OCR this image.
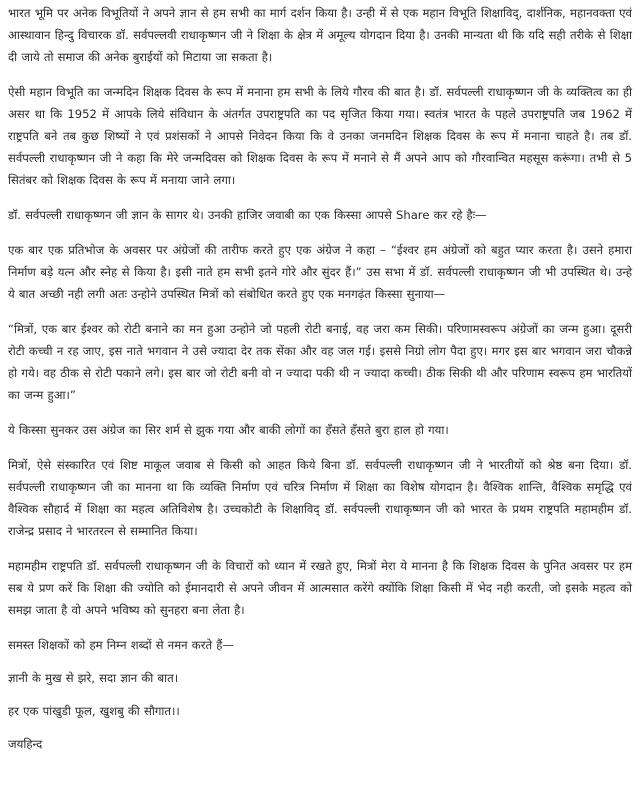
भारत भूमि पर अनेक विभूतियों ने अपने ज्ञान से हम सभी का मार्ग दर्शन किया है। उन्ही में से एक महान विभूति शिक्षाविद्, दार्शनिक, महानवक्ता एवं आस्थावान हिन्दु विचारक डॉ. सर्वपल्लवी राधाकृष्णन जी ने शिक्षा के क्षेत्र में अमूल्य योगदान दिया है। उनकी मान्यता थी कि यदि सही तरीके से शिक्षा दी जाये तो समाज की अनेक बुराईयों को मिटाया जा सकता है।

ऐसी महान विभूति का जन्मदिन शिक्षक दिवस के रूप में मनाना हम सभी के लिये गौरव की बात है। डॉ. सर्वपल्ली राधाकृष्णन जी के व्यक्तित्व का ही असर था कि 1952 में आपके लिये संविधान के अंतर्गत उपराष्ट्रपति का पद सृजित किया गया। स्वतंत्र भारत के पहले उपराष्ट्रपति जब 1962 में राष्ट्रपति बने तब कुछ शिष्यों ने एवं प्रशंसकों ने आपसे निवेदन किया कि वे उनका जनमदिन शिक्षक दिवस के रूप में मनाना चाहते है। तब डॉ. सर्वपल्ली राधाकृष्णन जी ने कहा कि मेरे जन्मदिवस को शिक्षक दिवस के रूप में मनाने से मैं अपने आप को गौरवान्वित महसूस करूंगा। तभी से 5 सितंबर को शिक्षक दिवस के रूप में मनाया जाने लगा।

डॉ. सर्वपल्ली राधाकृष्णन जी ज्ञान के सागर थे। उनकी हाजिर जवाबी का एक किस्सा आपसे Share कर रहे हैः—

एक बार एक प्रतिभोज के अवसर पर अंग्रेजों की तारीफ करते हुए एक अंग्रेज ने कहा – “ईश्वर हम अंग्रेजों को बहुत प्यार करता है। उसने हमारा निर्माण बड़े यत्न और स्नेह से किया है। इसी नाते हम सभी इतने गोरे और सुंदर हैं।” उस सभा में डॉ. सर्वपल्ली राधाकृष्णन जी भी उपस्थित थे। उन्हे ये बात अच्छी नही लगी अतः उन्होने उपस्थित मित्रों को संबोधित करते हुए एक मनगढ़ंत किस्सा सुनाया—

“मित्रों, एक बार ईश्वर को रोटी बनाने का मन हुआ उन्होने जो पहली रोटी बनाई, वह जरा कम सिकी। परिणामस्वरूप अंग्रेजों का जन्म हुआ। दूसरी रोटी कच्ची न रह जाए, इस नाते भगवान ने उसे ज्यादा देर तक सेंका और वह जल गई। इससे निग्रो लोग पैदा हुए। मगर इस बार भगवान जरा चौकन्ने हो गये। वह ठीक से रोटी पकाने लगे। इस बार जो रोटी बनी वो न ज्यादा पकी थी न ज्यादा कच्ची। ठीक सिकी थी और परिणाम स्वरूप हम भारतियों का जन्म हुआ।”

ये किस्सा सुनकर उस अंग्रेज का सिर शर्म से झुक गया और बाकी लोगों का हँसते हँसते बुरा हाल हो गया।

मित्रों, ऐसे संस्कारित एवं शिष्ट माकूल जवाब से किसी को आहत किये बिना डॉ. सर्वपल्ली राधाकृष्णन जी ने भारतीयों को श्रेष्ठ बना दिया। डॉ. सर्वपल्ली राधाकृष्णन जी का मानना था कि व्यक्ति निर्माण एवं चरित्र निर्माण में शिक्षा का विशेष योगदान है। वैश्विक शान्ति, वैश्विक समृद्धि एवं वैश्विक सौहार्द में शिक्षा का महत्व अतिविशेष है। उच्चकोटी के शिक्षाविद् डॉ. सर्वपल्ली राधाकृष्णन जी को भारत के प्रथम राष्ट्रपति महामहीम डॉ. राजेन्द्र प्रसाद ने भारतरत्न से सम्मानित किया।

महामहीम राष्ट्रपति डॉ. सर्वपल्ली राधाकृष्णन जी के विचारों को ध्यान में रखते हुए, मित्रों मेरा ये मानना है कि शिक्षक दिवस के पुनित अवसर पर हम सब ये प्रण करें कि शिक्षा की ज्योति को ईमानदारी से अपने जीवन में आत्मसात करेंगे क्योंकि शिक्षा किसी में भेद नही करती, जो इसके महत्व को समझ जाता है वो अपने भविष्य को सुनहरा बना लेता है।

समस्त शिक्षकों को हम निम्न शब्दों से नमन करते हैं—

ज्ञानी के मुख से झरे, सदा ज्ञान की बात।

हर एक पांखुडी फूल, खुशबु की सौगात।।

जयहिन्द
